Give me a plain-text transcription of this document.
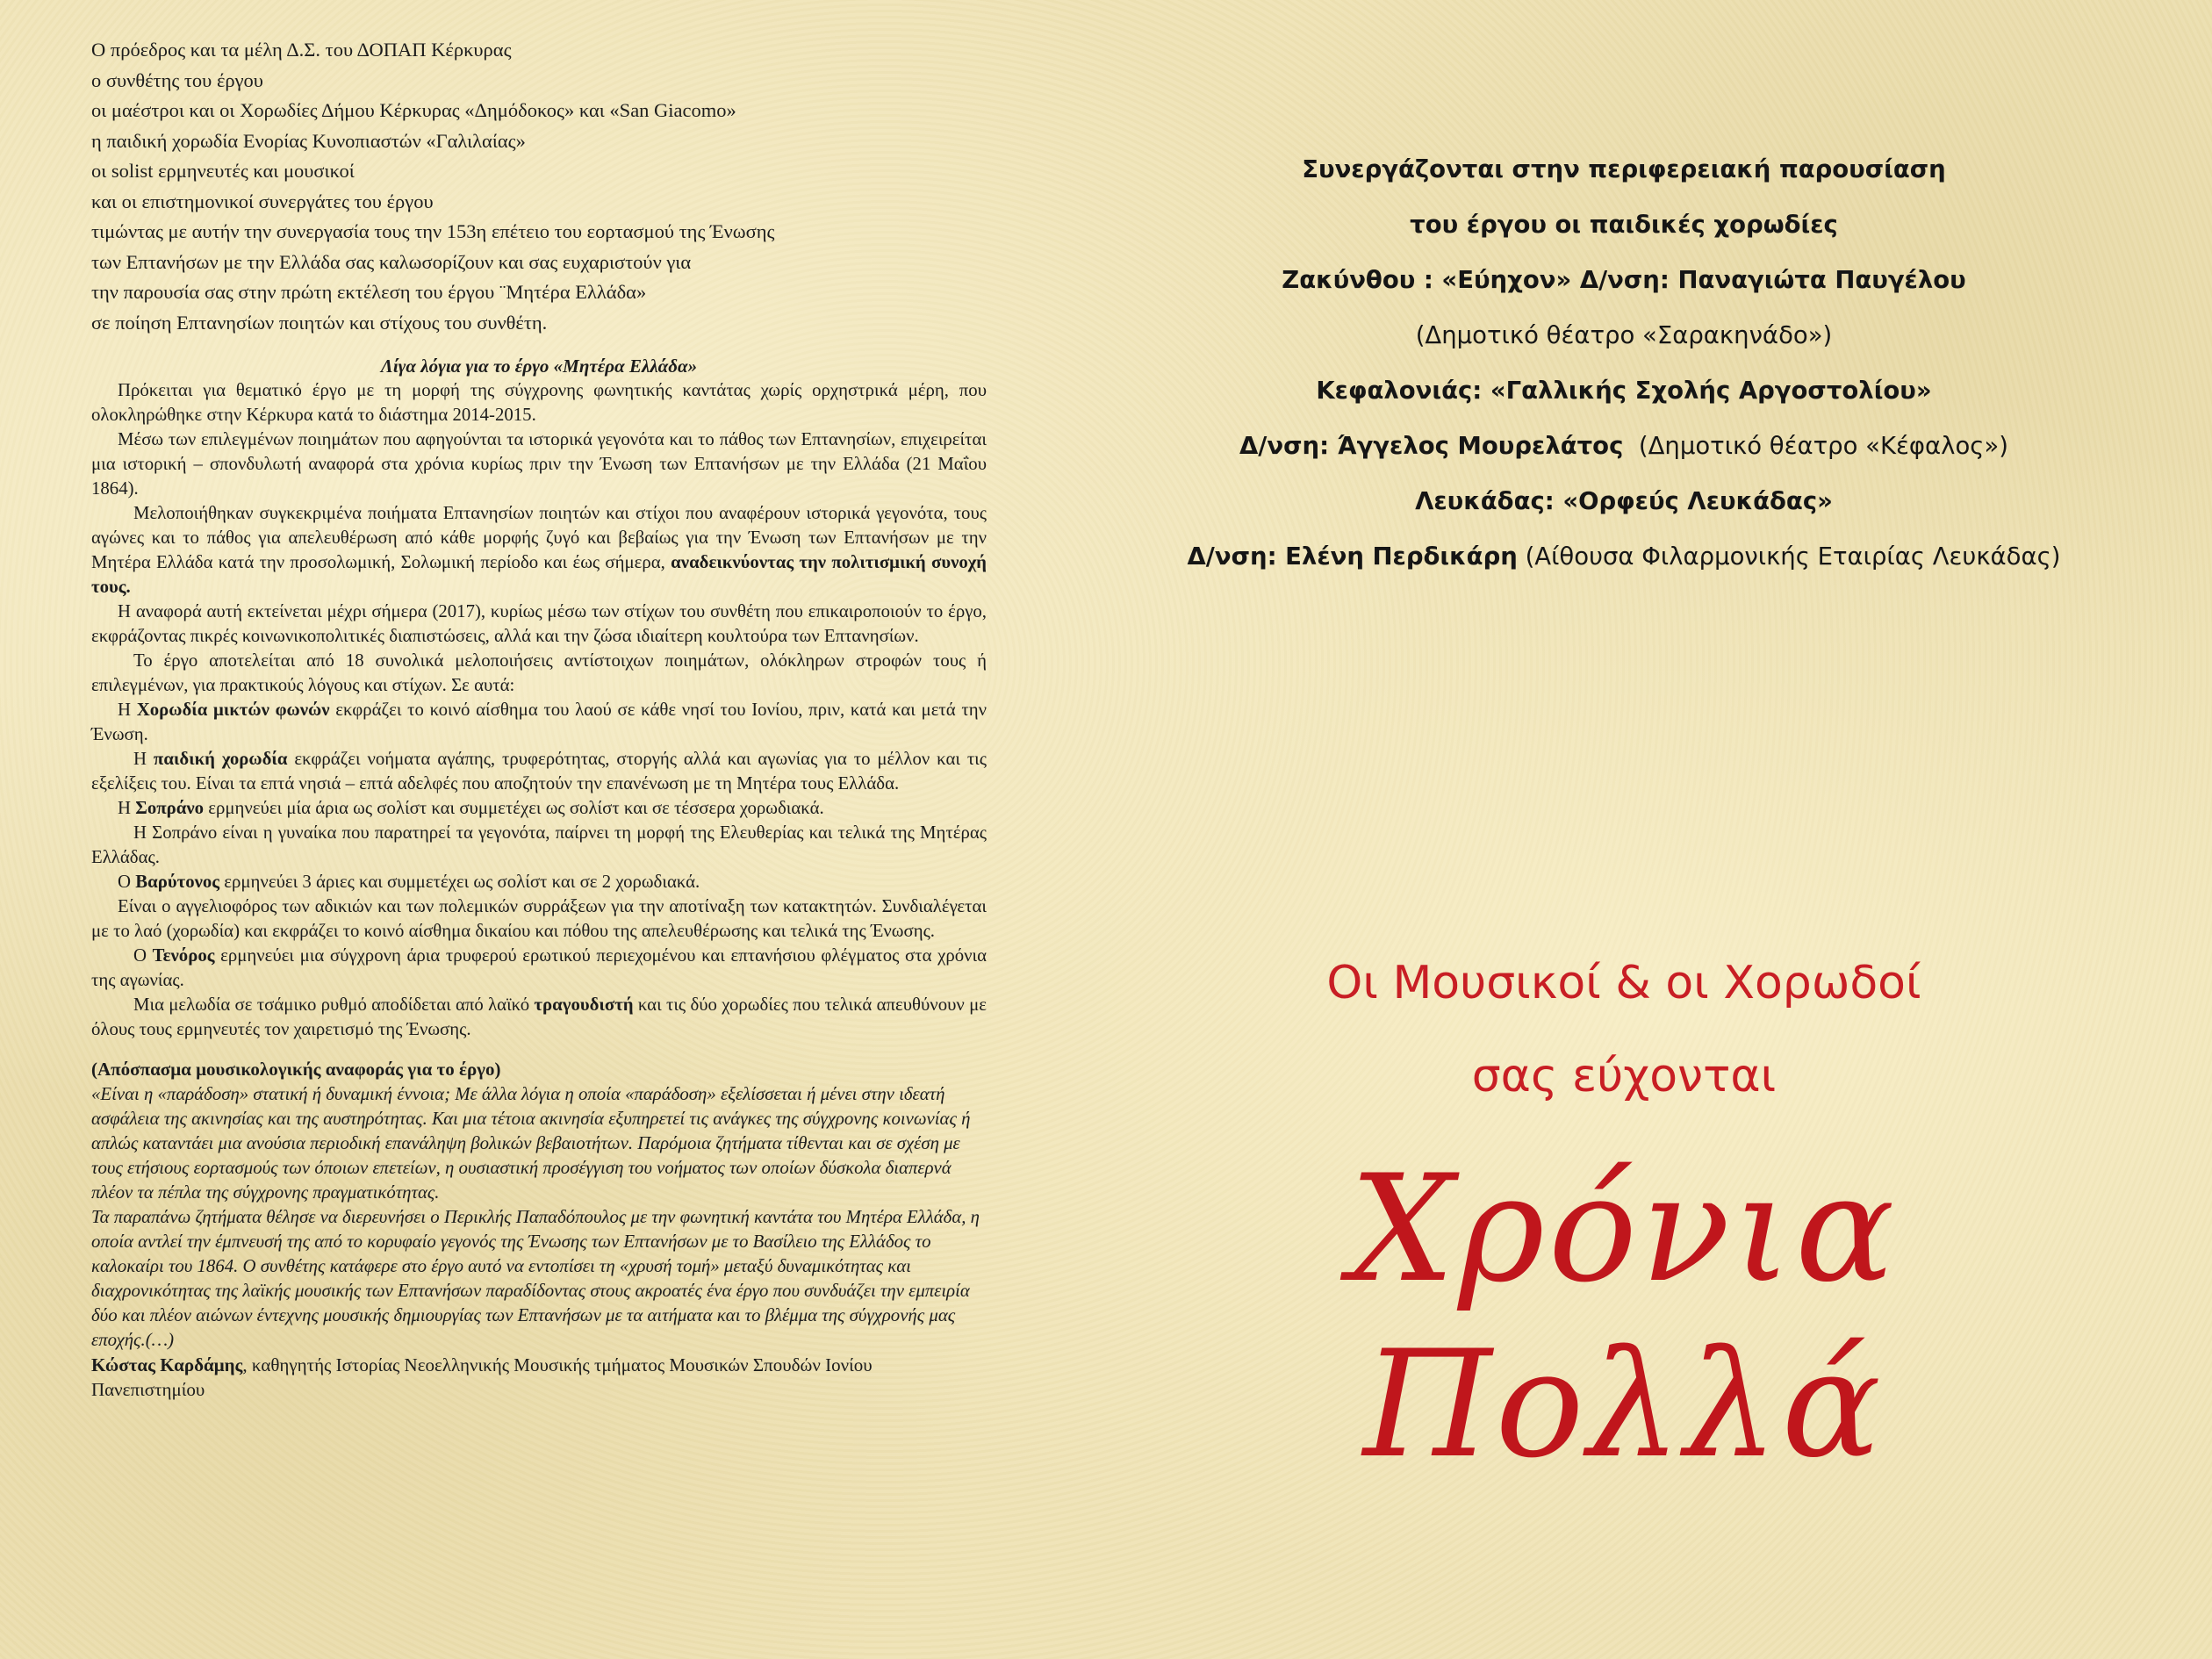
Ο πρόεδρος και τα μέλη Δ.Σ. του ΔΟΠΑΠ Κέρκυρας
ο συνθέτης του έργου
οι μαέστροι και οι Χορωδίες Δήμου Κέρκυρας «Δημόδοκος» και «San Giacomo»
η παιδική χορωδία Ενορίας Κυνοπιαστών «Γαλιλαίας»
οι solist ερμηνευτές και μουσικοί
και οι επιστημονικοί συνεργάτες του έργου
τιμώντας με αυτήν την συνεργασία τους την 153η επέτειο του εορτασμού της Ένωσης
των Επτανήσων με την Ελλάδα σας καλωσορίζουν και σας ευχαριστούν για
την παρουσία σας στην πρώτη εκτέλεση του έργου ¨Μητέρα Ελλάδα»
σε ποίηση Επτανησίων ποιητών και στίχους του συνθέτη.
Λίγα λόγια για το έργο «Μητέρα Ελλάδα»

Πρόκειται για θεματικό έργο με τη μορφή της σύγχρονης φωνητικής καντάτας χωρίς ορχηστρικά μέρη, που ολοκληρώθηκε στην Κέρκυρα κατά το διάστημα 2014-2015.

Μέσω των επιλεγμένων ποιημάτων που αφηγούνται τα ιστορικά γεγονότα και το πάθος των Επτανησίων, επιχειρείται μια ιστορική – σπονδυλωτή αναφορά στα χρόνια κυρίως πριν την Ένωση των Επτανήσων με την Ελλάδα (21 Μαΐου 1864).

Μελοποιήθηκαν συγκεκριμένα ποιήματα Επτανησίων ποιητών και στίχοι που αναφέρουν ιστορικά γεγονότα, τους αγώνες και το πάθος για απελευθέρωση από κάθε μορφής ζυγό και βεβαίως για την Ένωση των Επτανήσων με την Μητέρα Ελλάδα κατά την προσολωμική, Σολωμική περίοδο και έως σήμερα, αναδεικνύοντας την πολιτισμική συνοχή τους.

Η αναφορά αυτή εκτείνεται μέχρι σήμερα (2017), κυρίως μέσω των στίχων του συνθέτη που επικαιροποιούν το έργο, εκφράζοντας πικρές κοινωνικοπολιτικές διαπιστώσεις, αλλά και την ζώσα ιδιαίτερη κουλτούρα των Επτανησίων.

Το έργο αποτελείται από 18 συνολικά μελοποιήσεις αντίστοιχων ποιημάτων, ολόκληρων στροφών τους ή επιλεγμένων, για πρακτικούς λόγους και στίχων. Σε αυτά:

Η Χορωδία μικτών φωνών εκφράζει το κοινό αίσθημα του λαού σε κάθε νησί του Ιονίου, πριν, κατά και μετά την Ένωση.

Η παιδική χορωδία εκφράζει νοήματα αγάπης, τρυφερότητας, στοργής αλλά και αγωνίας για το μέλλον και τις εξελίξεις του. Είναι τα επτά νησιά – επτά αδελφές που αποζητούν την επανένωση με τη Μητέρα τους Ελλάδα.

Η Σοπράνο ερμηνεύει μία άρια ως σολίστ και συμμετέχει ως σολίστ και σε τέσσερα χορωδιακά.

Η Σοπράνο είναι η γυναίκα που παρατηρεί τα γεγονότα, παίρνει τη μορφή της Ελευθερίας και τελικά της Μητέρας Ελλάδας.

Ο Βαρύτονος ερμηνεύει 3 άριες και συμμετέχει ως σολίστ και σε 2 χορωδιακά.

Είναι ο αγγελιοφόρος των αδικιών και των πολεμικών συρράξεων για την αποτίναξη των κατακτητών. Συνδιαλέγεται με το λαό (χορωδία) και εκφράζει το κοινό αίσθημα δικαίου και πόθου της απελευθέρωσης και τελικά της Ένωσης.

Ο Τενόρος ερμηνεύει μια σύγχρονη άρια τρυφερού ερωτικού περιεχομένου και επτανήσιου φλέγματος στα χρόνια της αγωνίας.

Μια μελωδία σε τσάμικο ρυθμό αποδίδεται από λαϊκό τραγουδιστή και τις δύο χορωδίες που τελικά απευθύνουν με όλους τους ερμηνευτές τον χαιρετισμό της Ένωσης.

(Απόσπασμα μουσικολογικής αναφοράς για το έργο)

«Είναι η «παράδοση» στατική ή δυναμική έννοια; Με άλλα λόγια η οποία «παράδοση» εξελίσσεται ή μένει στην ιδεατή ασφάλεια της ακινησίας και της αυστηρότητας. Και μια τέτοια ακινησία εξυπηρετεί τις ανάγκες της σύγχρονης κοινωνίας ή απλώς καταντάει μια ανούσια περιοδική επανάληψη βολικών βεβαιοτήτων. Παρόμοια ζητήματα τίθενται και σε σχέση με τους ετήσιους εορτασμούς των όποιων επετείων, η ουσιαστική προσέγγιση του νοήματος των οποίων δύσκολα διαπερνά πλέον τα πέπλα της σύγχρονης πραγματικότητας.

Τα παραπάνω ζητήματα θέλησε να διερευνήσει ο Περικλής Παπαδόπουλος με την φωνητική καντάτα του Μητέρα Ελλάδα, η οποία αντλεί την έμπνευσή της από το κορυφαίο γεγονός της Ένωσης των Επτανήσων με το Βασίλειο της Ελλάδος το καλοκαίρι του 1864. Ο συνθέτης κατάφερε στο έργο αυτό να εντοπίσει τη «χρυσή τομή» μεταξύ δυναμικότητας και διαχρονικότητας της λαϊκής μουσικής των Επτανήσων παραδίδοντας στους ακροατές ένα έργο που συνδυάζει την εμπειρία δύο και πλέον αιώνων έντεχνης μουσικής δημιουργίας των Επτανήσων με τα αιτήματα και το βλέμμα της σύγχρονής μας εποχής.(…)

Κώστας Καρδάμης, καθηγητής Ιστορίας Νεοελληνικής Μουσικής τμήματος Μουσικών Σπουδών Ιονίου Πανεπιστημίου
Συνεργάζονται στην περιφερειακή παρουσίαση
του έργου οι παιδικές χορωδίες
Ζακύνθου : «Εύηχον» Δ/νση: Παναγιώτα Παυγέλου
(Δημοτικό θέατρο «Σαρακηνάδο»)
Κεφαλονιάς: «Γαλλικής Σχολής Αργοστολίου»
Δ/νση: Άγγελος Μουρελάτος  (Δημοτικό θέατρο «Κέφαλος»)
Λευκάδας: «Ορφεύς Λευκάδας»
Δ/νση: Ελένη Περδικάρη (Αίθουσα Φιλαρμονικής Εταιρίας Λευκάδας)
Οι Μουσικοί & οι Χορωδοί
σας εύχονται
Χρόνια Πολλά
